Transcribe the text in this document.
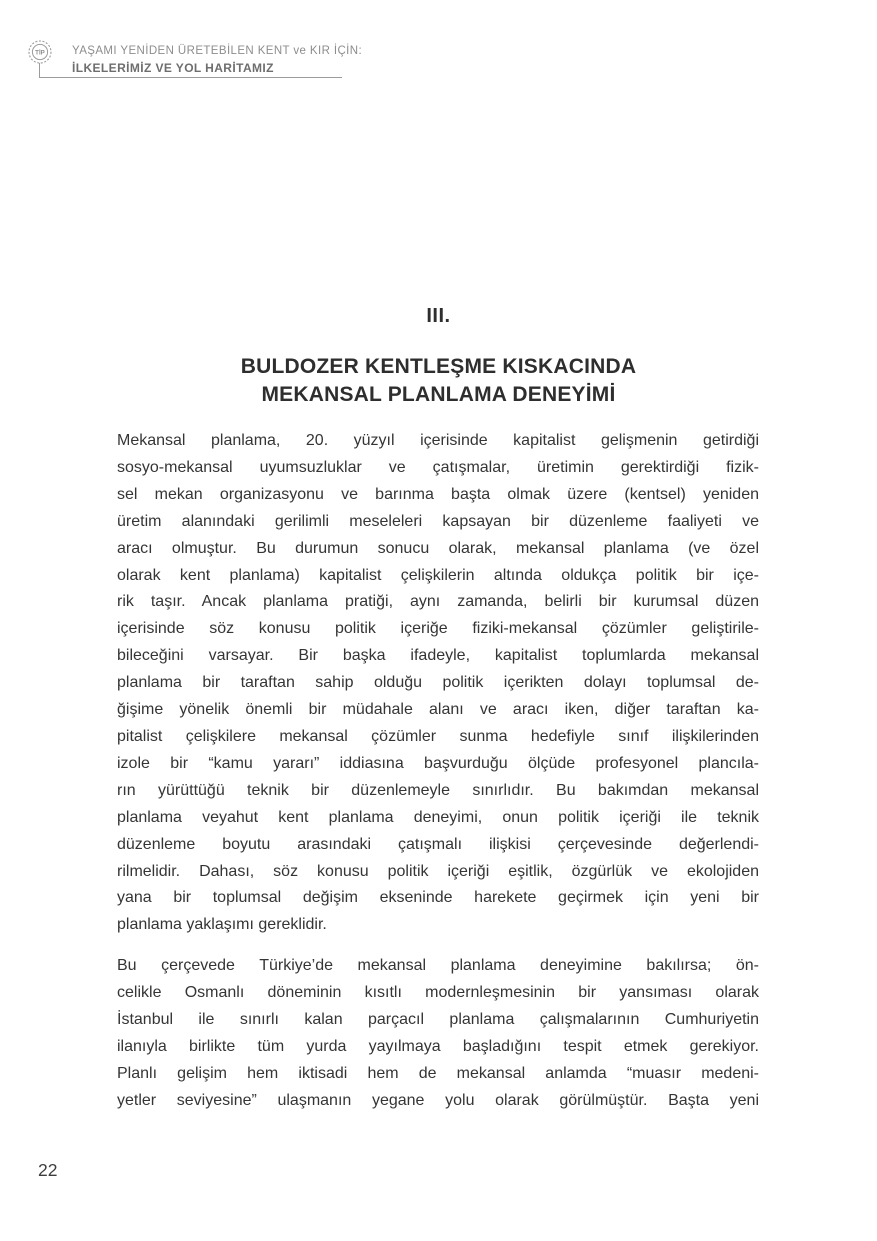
TİP YAŞAMI YENİDEN ÜRETEBİLEN KENT ve KIR İÇİN:
İLKELERİMİZ VE YOL HARİTAMIZ
III.
BULDOZER KENTLEŞME KISKACINDA
MEKANSAL PLANLAMA DENEYİMİ
Mekansal planlama, 20. yüzyıl içerisinde kapitalist gelişmenin getirdiği
sosyo-mekansal uyumsuzluklar ve çatışmalar, üretimin gerektirdiği fizik-
sel mekan organizasyonu ve barınma başta olmak üzere (kentsel) yeniden
üretim alanındaki gerilimli meseleleri kapsayan bir düzenleme faaliyeti ve
aracı olmuştur. Bu durumun sonucu olarak, mekansal planlama (ve özel
olarak kent planlama) kapitalist çelişkilerin altında oldukça politik bir içe-
rik taşır. Ancak planlama pratiği, aynı zamanda, belirli bir kurumsal düzen
içerisinde söz konusu politik içeriğe fiziki-mekansal çözümler geliştirile-
bileceğini varsayar. Bir başka ifadeyle, kapitalist toplumlarda mekansal
planlama bir taraftan sahip olduğu politik içerikten dolayı toplumsal de-
ğişime yönelik önemli bir müdahale alanı ve aracı iken, diğer taraftan ka-
pitalist çelişkilere mekansal çözümler sunma hedefiyle sınıf ilişkilerinden
izole bir “kamu yararı” iddiasına başvurduğu ölçüde profesyonel plancıla-
rın yürüttüğü teknik bir düzenlemeyle sınırlıdır. Bu bakımdan mekansal
planlama veyahut kent planlama deneyimi, onun politik içeriği ile teknik
düzenleme boyutu arasındaki çatışmalı ilişkisi çerçevesinde değerlendi-
rilmelidir. Dahası, söz konusu politik içeriği eşitlik, özgürlük ve ekolojiden
yana bir toplumsal değişim ekseninde harekete geçirmek için yeni bir
planlama yaklaşımı gereklidir.
Bu çerçevede Türkiye’de mekansal planlama deneyimine bakılırsa; ön-
celikle Osmanlı döneminin kısıtlı modernleşmesinin bir yansıması olarak
İstanbul ile sınırlı kalan parçacıl planlama çalışmalarının Cumhuriyetin
ilanıyla birlikte tüm yurda yayılmaya başladığını tespit etmek gerekiyor.
Planlı gelişim hem iktisadi hem de mekansal anlamda “muasır medeni-
yetler seviyesine” ulaşmanın yegane yolu olarak görülmüştür. Başta yeni
22
